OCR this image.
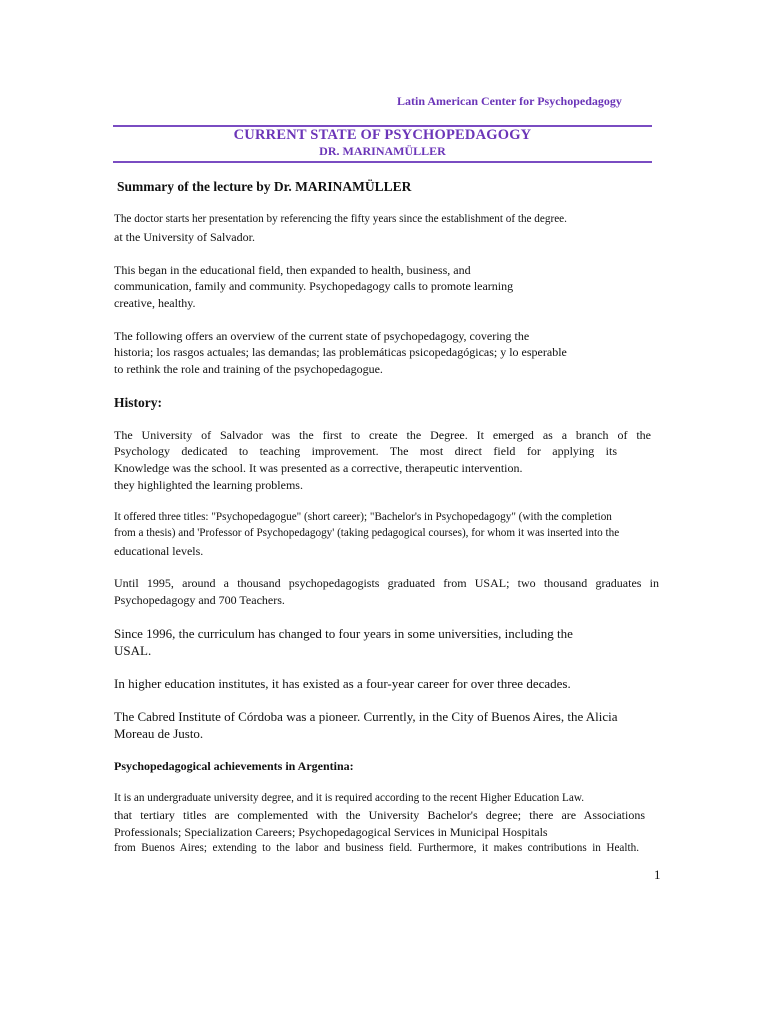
Latin American Center for Psychopedagogy
CURRENT STATE OF PSYCHOPEDAGOGY
DR. MARINAMÜLLER
Summary of the lecture by Dr. MARINAMÜLLER
The doctor starts her presentation by referencing the fifty years since the establishment of the degree.
at the University of Salvador.
This began in the educational field, then expanded to health, business, and
communication, family and community. Psychopedagogy calls to promote learning
creative, healthy.
The following offers an overview of the current state of psychopedagogy, covering the
historia; los rasgos actuales; las demandas; las problemáticas psicopedagógicas; y lo esperable
to rethink the role and training of the psychopedagogue.
History:
The University of Salvador was the first to create the Degree. It emerged as a branch of the
Psychology dedicated to teaching improvement. The most direct field for applying its
Knowledge was the school. It was presented as a corrective, therapeutic intervention.
they highlighted the learning problems.
It offered three titles: "Psychopedagogue" (short career); "Bachelor's in Psychopedagogy" (with the completion
from a thesis) and 'Professor of Psychopedagogy' (taking pedagogical courses), for whom it was inserted into the
educational levels.
Until 1995, around a thousand psychopedagogists graduated from USAL; two thousand graduates in
Psychopedagogy and 700 Teachers.
Since 1996, the curriculum has changed to four years in some universities, including the
USAL.
In higher education institutes, it has existed as a four-year career for over three decades.
The Cabred Institute of Córdoba was a pioneer. Currently, in the City of Buenos Aires, the Alicia
Moreau de Justo.
Psychopedagogical achievements in Argentina:
It is an undergraduate university degree, and it is required according to the recent Higher Education Law.
that tertiary titles are complemented with the University Bachelor's degree; there are Associations
Professionals; Specialization Careers; Psychopedagogical Services in Municipal Hospitals
from Buenos Aires; extending to the labor and business field. Furthermore, it makes contributions in Health.
1
